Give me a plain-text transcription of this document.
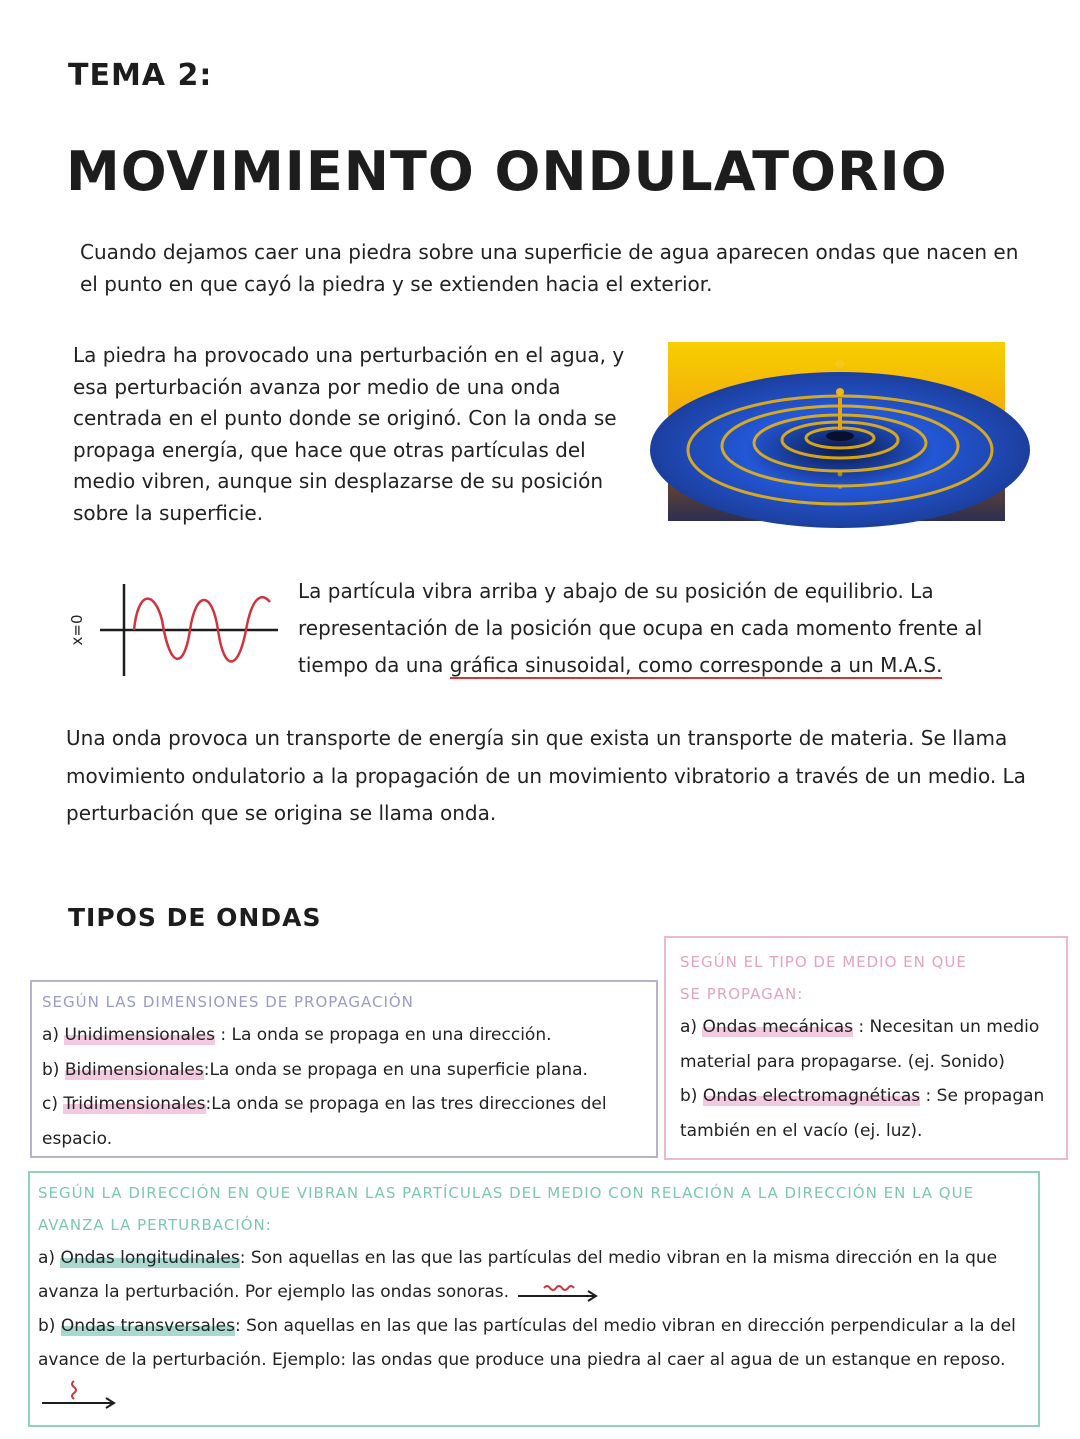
TEMA 2:
MOVIMIENTO ONDULATORIO
Cuando dejamos caer una piedra sobre una superficie de agua aparecen ondas que nacen en el punto en que cayó la piedra y se extienden hacia el exterior.
La piedra ha provocado una perturbación en el agua, y esa perturbación avanza por medio de una onda centrada en el punto donde se originó. Con la onda se propaga energía, que hace que otras partículas del medio vibren, aunque sin desplazarse de su posición sobre la superficie.
x=0
La partícula vibra arriba y abajo de su posición de equilibrio. La representación de la posición que ocupa en cada momento frente al tiempo da una gráfica sinusoidal, como corresponde a un M.A.S.
Una onda provoca un transporte de energía sin que exista un transporte de materia. Se llama movimiento ondulatorio a la propagación de un movimiento vibratorio a través de un medio. La perturbación que se origina se llama onda.
TIPOS DE ONDAS
SEGÚN LAS DIMENSIONES DE PROPAGACIÓN
a) Unidimensionales : La onda se propaga en una dirección.
b) Bidimensionales:La onda se propaga en una superficie plana.
c) Tridimensionales:La onda se propaga en las tres direcciones del espacio.
SEGÚN EL TIPO DE MEDIO EN QUE
SE PROPAGAN:
a) Ondas mecánicas : Necesitan un medio material para propagarse. (ej. Sonido)
b) Ondas electromagnéticas : Se propagan también en el vacío (ej. luz).
SEGÚN LA DIRECCIÓN EN QUE VIBRAN LAS PARTÍCULAS DEL MEDIO CON RELACIÓN A LA DIRECCIÓN EN LA QUE AVANZA LA PERTURBACIÓN:
a) Ondas longitudinales: Son aquellas en las que las partículas del medio vibran en la misma dirección en la que avanza la perturbación. Por ejemplo las ondas sonoras.
b) Ondas transversales: Son aquellas en las que las partículas del medio vibran en dirección perpendicular a la del avance de la perturbación. Ejemplo: las ondas que produce una piedra al caer al agua de un estanque en reposo.
